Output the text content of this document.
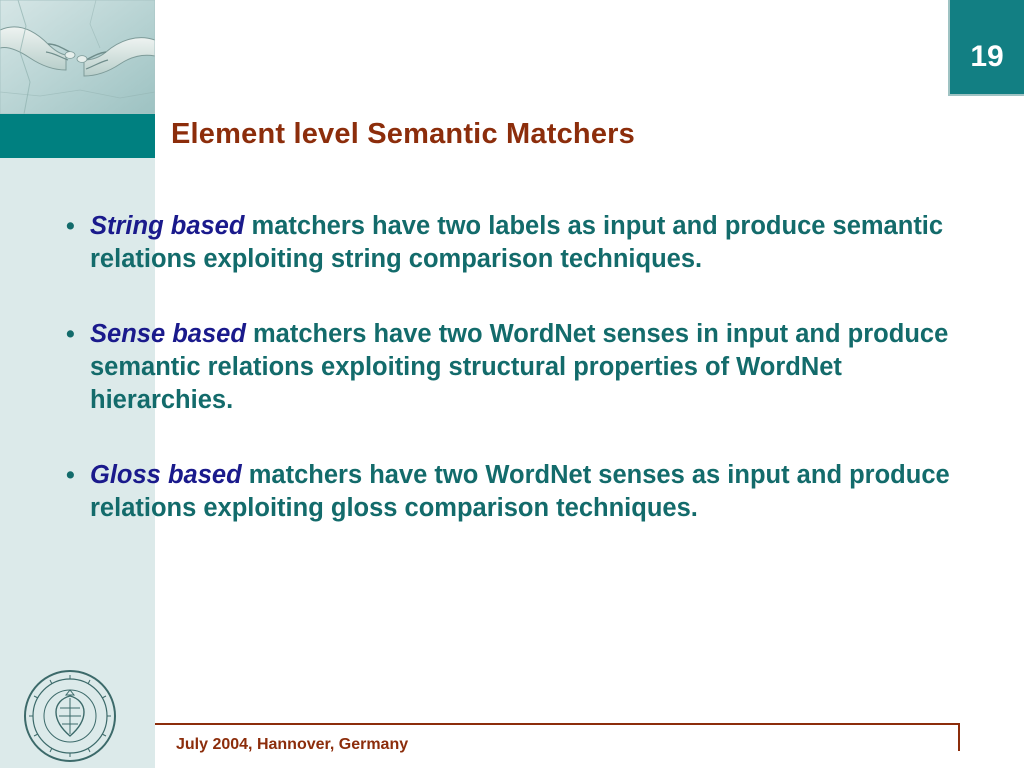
19
Element level Semantic Matchers
• String based matchers have two labels as input and produce semantic relations exploiting string comparison techniques.
• Sense based matchers have two WordNet senses in input and produce semantic relations exploiting structural properties of WordNet hierarchies.
• Gloss based matchers have two WordNet senses as input and produce relations exploiting gloss comparison techniques.
July 2004, Hannover, Germany
